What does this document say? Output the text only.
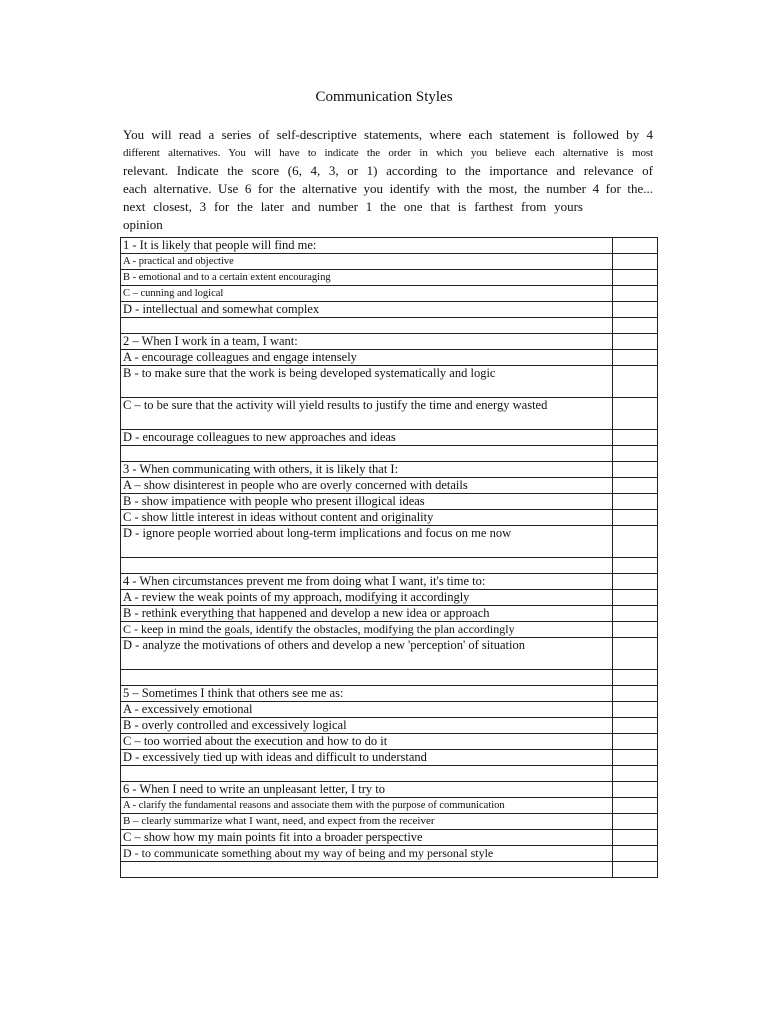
Communication Styles

You will read a series of self-descriptive statements, where each statement is followed by 4

different alternatives. You will have to indicate the order in which you believe each alternative is most

relevant. Indicate the score (6, 4, 3, or 1) according to the importance and relevance of

each alternative. Use 6 for the alternative you identify with the most, the number 4 for the...

next closest, 3 for the later and number 1 the one that is farthest from yours

opinion

1 - It is likely that people will find me:	
A - practical and objective	
B - emotional and to a certain extent encouraging	
C – cunning and logical	
D - intellectual and somewhat complex	

2 – When I work in a team, I want:	
A - encourage colleagues and engage intensely	
B - to make sure that the work is being developed systematically and logic	
C – to be sure that the activity will yield results to justify the time and energy wasted	
D - encourage colleagues to new approaches and ideas	

3 - When communicating with others, it is likely that I:	
A – show disinterest in people who are overly concerned with details	
B - show impatience with people who present illogical ideas	
C - show little interest in ideas without content and originality	
D - ignore people worried about long-term implications and focus on me now	

4 - When circumstances prevent me from doing what I want, it's time to:	
A - review the weak points of my approach, modifying it accordingly	
B - rethink everything that happened and develop a new idea or approach	
C - keep in mind the goals, identify the obstacles, modifying the plan accordingly	
D - analyze the motivations of others and develop a new 'perception' of situation	

5 – Sometimes I think that others see me as:	
A - excessively emotional	
B - overly controlled and excessively logical	
C – too worried about the execution and how to do it	
D - excessively tied up with ideas and difficult to understand	

6 - When I need to write an unpleasant letter, I try to	
A - clarify the fundamental reasons and associate them with the purpose of communication	
B – clearly summarize what I want, need, and expect from the receiver	
C – show how my main points fit into a broader perspective	
D - to communicate something about my way of being and my personal style	
